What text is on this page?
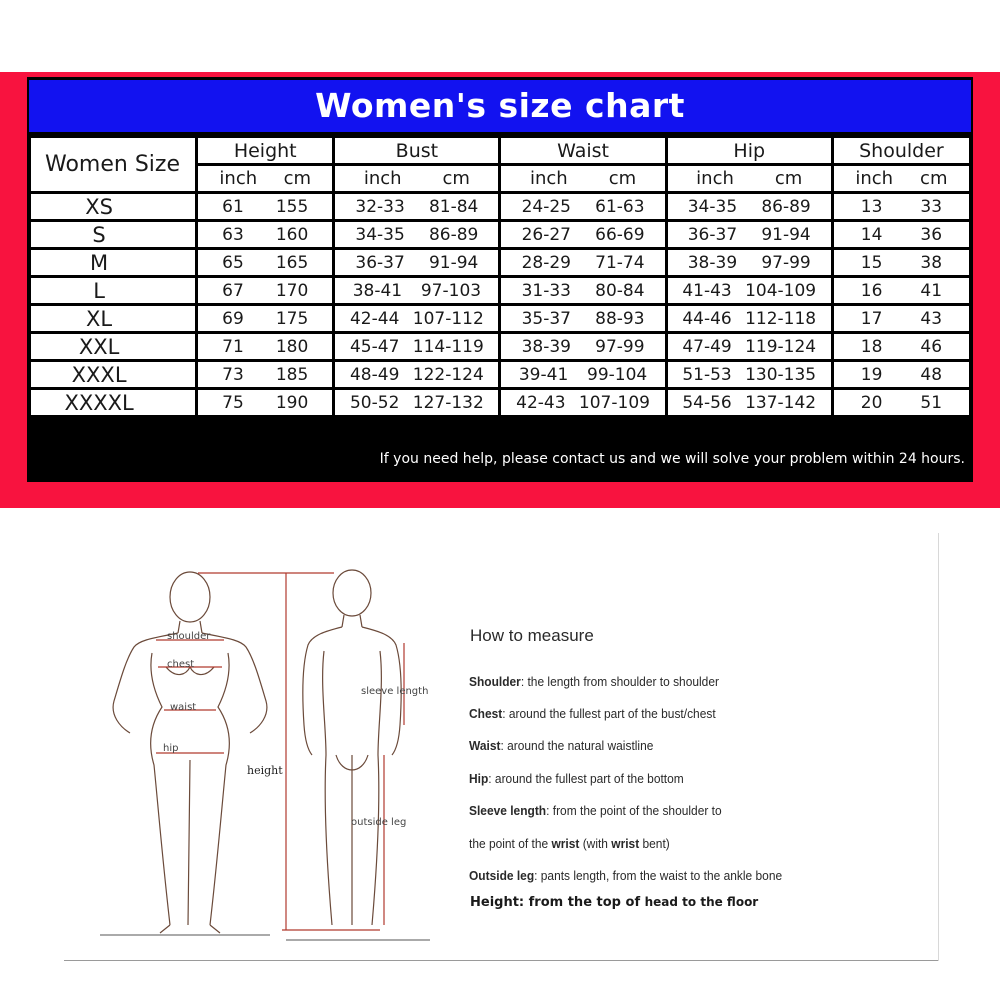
Women's size chart
Women Size	Height	Bust	Waist	Hip	Shoulder

	inch cm	inch cm	inch cm	inch cm	inch cm

XS	61 155	32-33 81-84	24-25 61-63	34-35 86-89	13 33

S	63 160	34-35 86-89	26-27 66-69	36-37 91-94	14 36

M	65 165	36-37 91-94	28-29 71-74	38-39 97-99	15 38

L	67 170	38-41 97-103	31-33 80-84	41-43 104-109	16 41

XL	69 175	42-44 107-112	35-37 88-93	44-46 112-118	17 43

XXL	71 180	45-47 114-119	38-39 97-99	47-49 119-124	18 46

XXXL	73 185	48-49 122-124	39-41 99-104	51-53 130-135	19 48

XXXXL	75 190	50-52 127-132	42-43 107-109	54-56 137-142	20 51
If you need help, please contact us and we will solve your problem within 24 hours.
shoulder
chest
waist
hip
height
sleeve length
outside leg
How to measure
Shoulder: the length from shoulder to shoulder
Chest: around the fullest part of the bust/chest
Waist: around the natural waistline
Hip: around the fullest part of the bottom
Sleeve length: from the point of the shoulder to
the point of the wrist (with wrist bent)
Outside leg: pants length, from the waist to the ankle bone
Height: from the top of head to the floor
